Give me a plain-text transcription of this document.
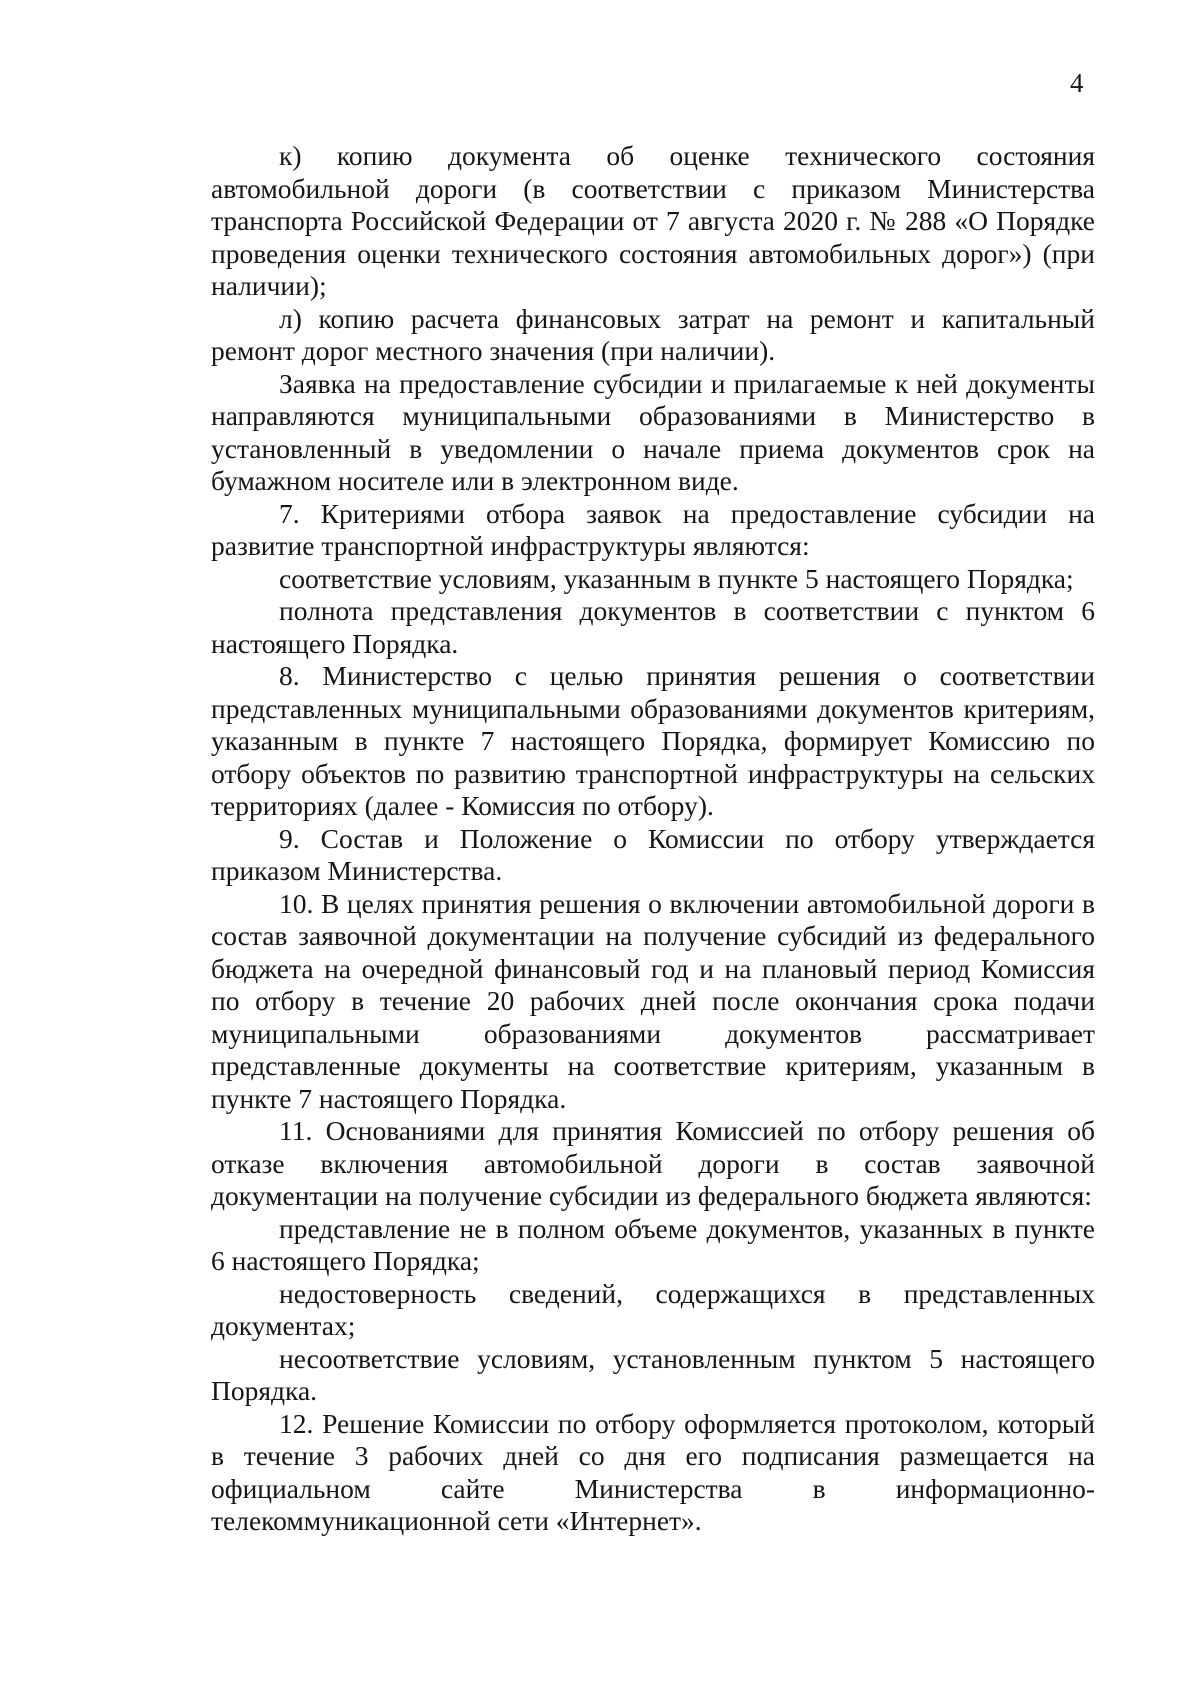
4

к) копию документа об оценке технического состояния автомобильной дороги (в соответствии с приказом Министерства транспорта Российской Федерации от 7 августа 2020 г. № 288 «О Порядке проведения оценки технического состояния автомобильных дорог») (при наличии);

л) копию расчета финансовых затрат на ремонт и капитальный ремонт дорог местного значения (при наличии).

Заявка на предоставление субсидии и прилагаемые к ней документы направляются муниципальными образованиями в Министерство в установленный в уведомлении о начале приема документов срок на бумажном носителе или в электронном виде.

7. Критериями отбора заявок на предоставление субсидии на развитие транспортной инфраструктуры являются:

соответствие условиям, указанным в пункте 5 настоящего Порядка;

полнота представления документов в соответствии с пунктом 6 настоящего Порядка.

8. Министерство с целью принятия решения о соответствии представленных муниципальными образованиями документов критериям, указанным в пункте 7 настоящего Порядка, формирует Комиссию по отбору объектов по развитию транспортной инфраструктуры на сельских территориях (далее - Комиссия по отбору).

9. Состав и Положение о Комиссии по отбору утверждается приказом Министерства.

10. В целях принятия решения о включении автомобильной дороги в состав заявочной документации на получение субсидий из федерального бюджета на очередной финансовый год и на плановый период Комиссия по отбору в течение 20 рабочих дней после окончания срока подачи муниципальными образованиями документов рассматривает представленные документы на соответствие критериям, указанным в пункте 7 настоящего Порядка.

11. Основаниями для принятия Комиссией по отбору решения об отказе включения автомобильной дороги в состав заявочной документации на получение субсидии из федерального бюджета являются:

представление не в полном объеме документов, указанных в пункте 6 настоящего Порядка;

недостоверность сведений, содержащихся в представленных документах;

несоответствие условиям, установленным пунктом 5 настоящего Порядка.

12. Решение Комиссии по отбору оформляется протоколом, который в течение 3 рабочих дней со дня его подписания размещается на официальном сайте Министерства в информационно-телекоммуникационной сети «Интернет».
